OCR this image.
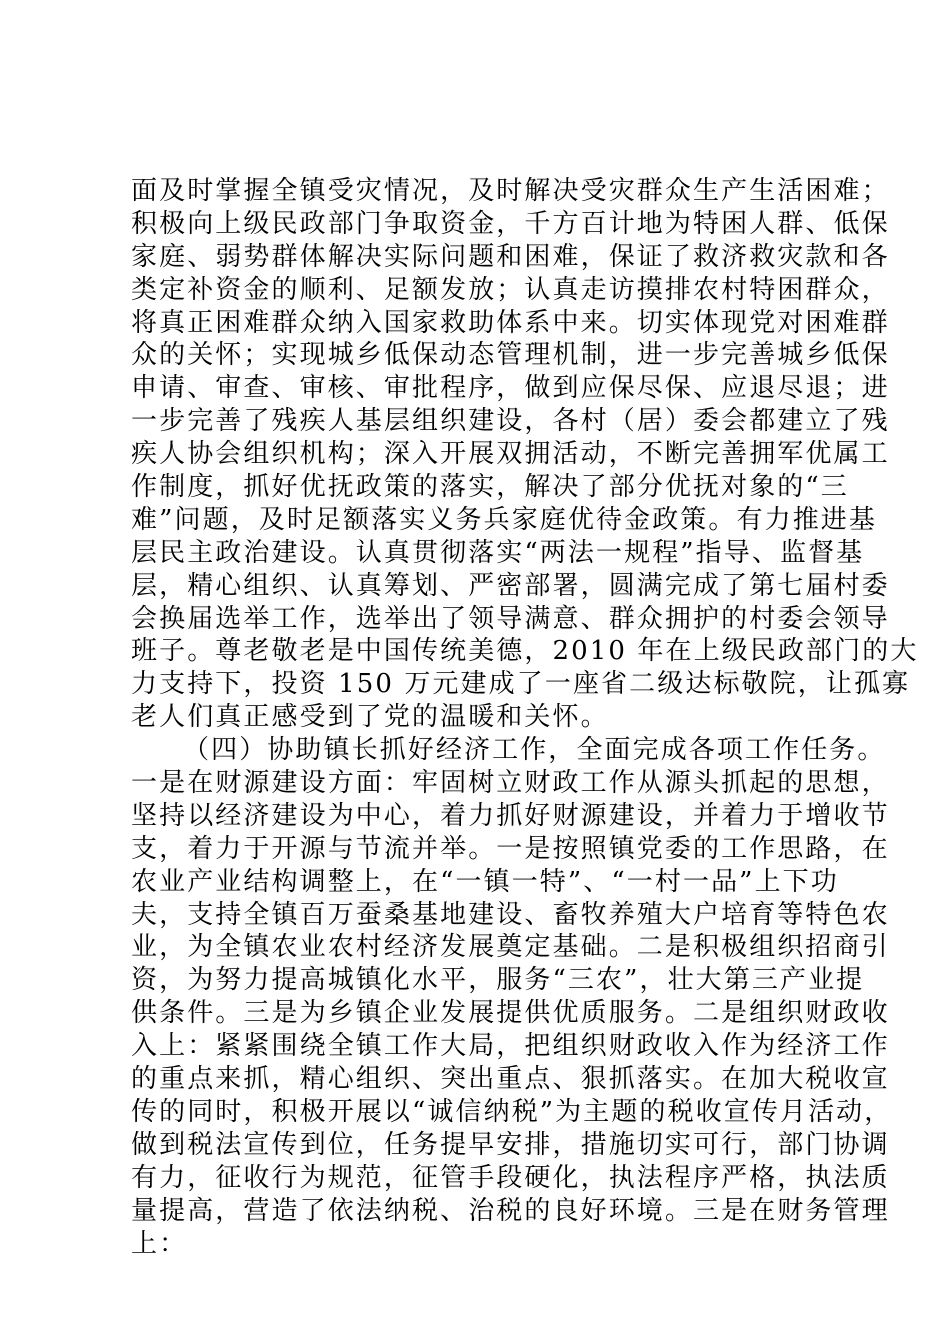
面及时掌握全镇受灾情况，及时解决受灾群众生产生活困难；
积极向上级民政部门争取资金，千方百计地为特困人群、低保
家庭、弱势群体解决实际问题和困难，保证了救济救灾款和各
类定补资金的顺利、足额发放；认真走访摸排农村特困群众，
将真正困难群众纳入国家救助体系中来。切实体现党对困难群
众的关怀；实现城乡低保动态管理机制，进一步完善城乡低保
申请、审查、审核、审批程序，做到应保尽保、应退尽退；进
一步完善了残疾人基层组织建设，各村（居）委会都建立了残
疾人协会组织机构；深入开展双拥活动，不断完善拥军优属工
作制度，抓好优抚政策的落实，解决了部分优抚对象的“三
难”问题，及时足额落实义务兵家庭优待金政策。有力推进基
层民主政治建设。认真贯彻落实“两法一规程”指导、监督基
层，精心组织、认真筹划、严密部署，圆满完成了第七届村委
会换届选举工作，选举出了领导满意、群众拥护的村委会领导
班子。尊老敬老是中国传统美德，2010 年在上级民政部门的大
力支持下，投资 150 万元建成了一座省二级达标敬院，让孤寡
老人们真正感受到了党的温暖和关怀。
（四）协助镇长抓好经济工作，全面完成各项工作任务。
一是在财源建设方面：牢固树立财政工作从源头抓起的思想，
坚持以经济建设为中心，着力抓好财源建设，并着力于增收节
支，着力于开源与节流并举。一是按照镇党委的工作思路，在
农业产业结构调整上，在“一镇一特”、“一村一品”上下功
夫，支持全镇百万蚕桑基地建设、畜牧养殖大户培育等特色农
业，为全镇农业农村经济发展奠定基础。二是积极组织招商引
资，为努力提高城镇化水平，服务“三农”，壮大第三产业提
供条件。三是为乡镇企业发展提供优质服务。二是组织财政收
入上：紧紧围绕全镇工作大局，把组织财政收入作为经济工作
的重点来抓，精心组织、突出重点、狠抓落实。在加大税收宣
传的同时，积极开展以“诚信纳税”为主题的税收宣传月活动，
做到税法宣传到位，任务提早安排，措施切实可行，部门协调
有力，征收行为规范，征管手段硬化，执法程序严格，执法质
量提高，营造了依法纳税、治税的良好环境。三是在财务管理
上：
